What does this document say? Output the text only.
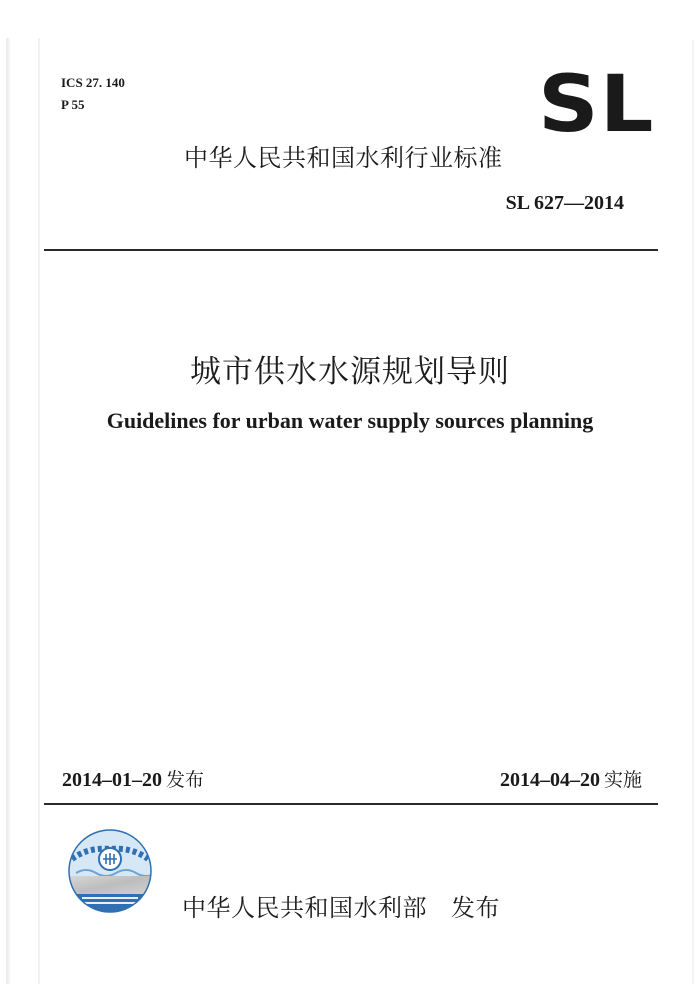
ICS 27. 140
P 55	SL
中华人民共和国水利行业标准
SL 627—2014
城市供水水源规划导则
Guidelines for urban water supply sources planning
2014–01–20 发布	2014–04–20 实施
中华人民共和国水利部 发布
